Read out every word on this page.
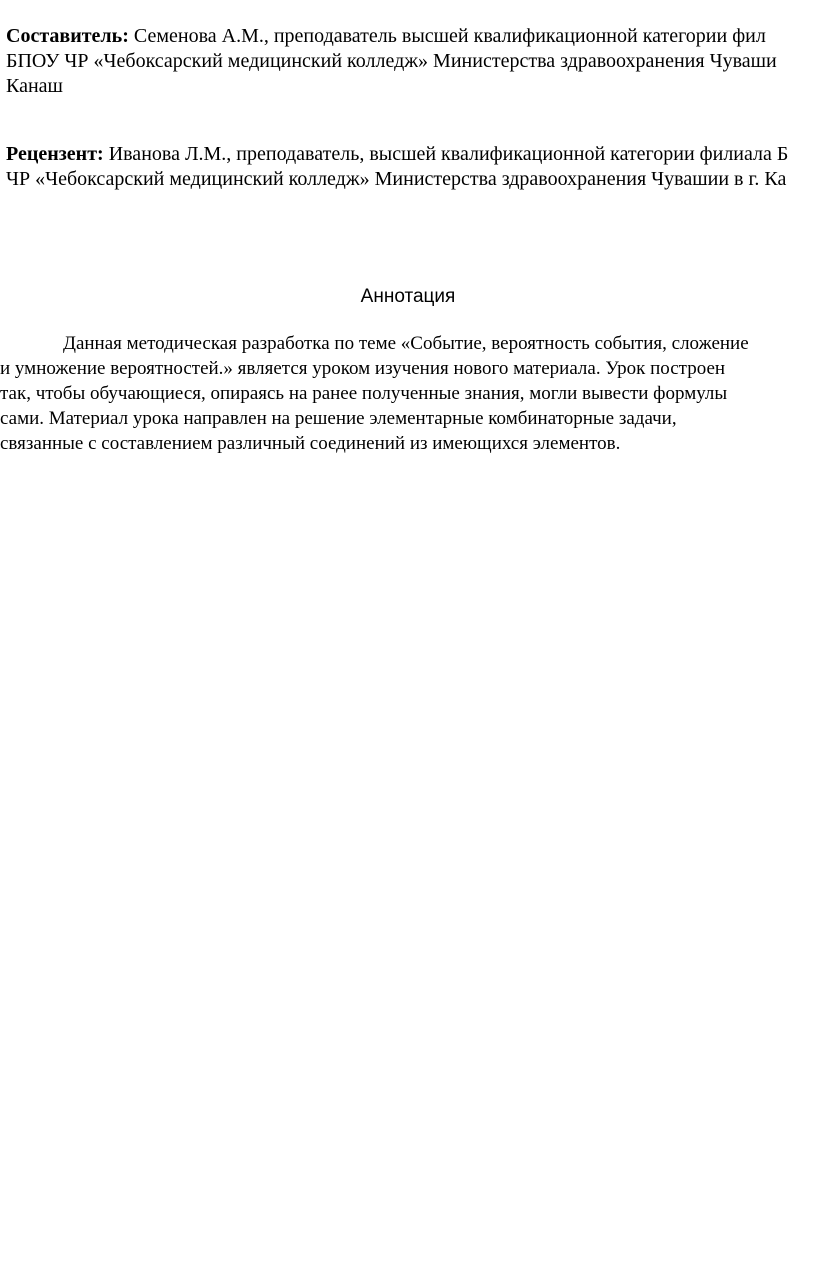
Составитель: Семенова А.М., преподаватель высшей квалификационной категории фил
БПОУ ЧР «Чебоксарский медицинский колледж» Министерства здравоохранения Чуваши
Канаш
Рецензент: Иванова Л.М., преподаватель, высшей квалификационной категории филиала Б
ЧР «Чебоксарский медицинский колледж» Министерства здравоохранения Чувашии в г. Ка
Аннотация
Данная методическая разработка по теме «Событие, вероятность события, сложение
и умножение вероятностей.» является уроком изучения нового материала. Урок построен
так, чтобы обучающиеся, опираясь на ранее полученные знания, могли вывести формулы
сами. Материал урока направлен на решение элементарные комбинаторные задачи,
связанные с составлением различный соединений из имеющихся элементов.
